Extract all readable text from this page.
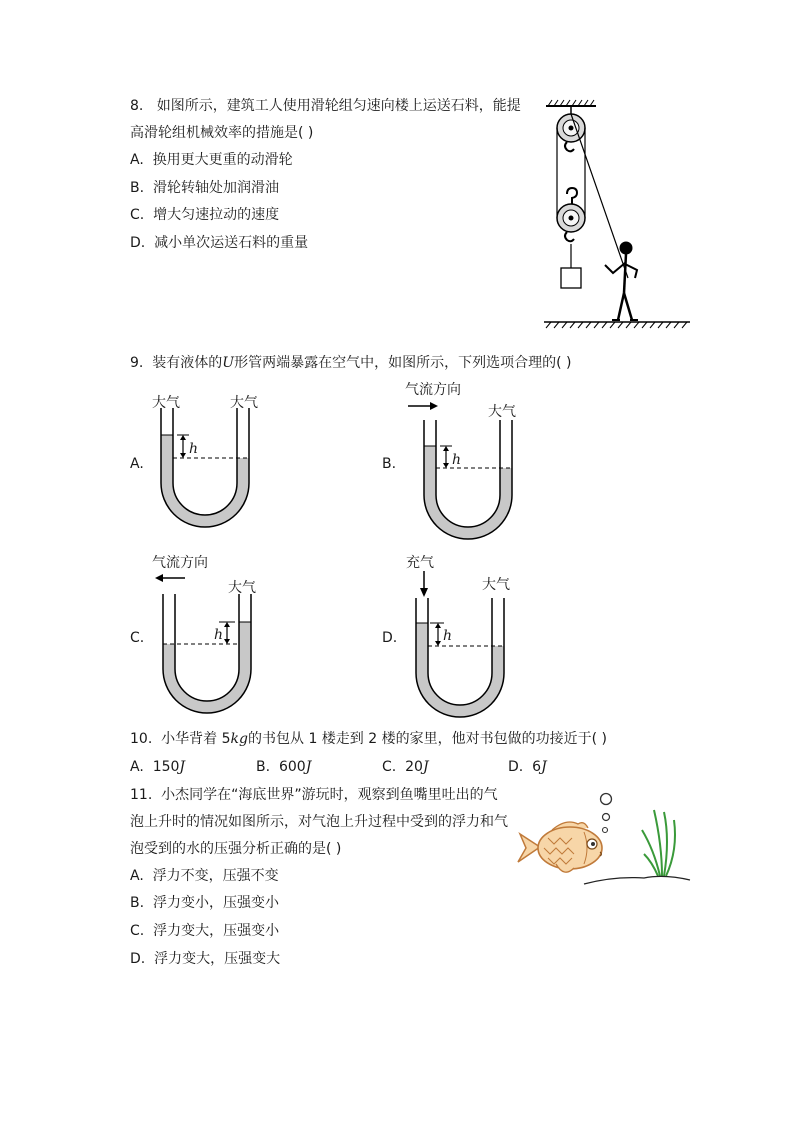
8. 如图所示，建筑工人使用滑轮组匀速向楼上运送石料，能提
高滑轮组机械效率的措施是( )
A. 换用更大更重的动滑轮
B. 滑轮转轴处加润滑油
C. 增大匀速拉动的速度
D. 减小单次运送石料的重量
9. 装有液体的U形管两端暴露在空气中，如图所示，下列选项合理的( )
A.
大气	大气
h
B.
气流方向
大气
h
C.
气流方向
大气
h	D.
充气
大气
h
10. 小华背着 5kg的书包从 1 楼走到 2 楼的家里，他对书包做的功接近于( )
A. 150J	B. 600J	C. 20J	D. 6J
11. 小杰同学在“海底世界”游玩时，观察到鱼嘴里吐出的气
泡上升时的情况如图所示，对气泡上升过程中受到的浮力和气
泡受到的水的压强分析正确的是( )
A. 浮力不变，压强不变
B. 浮力变小，压强变小
C. 浮力变大，压强变小
D. 浮力变大，压强变大
